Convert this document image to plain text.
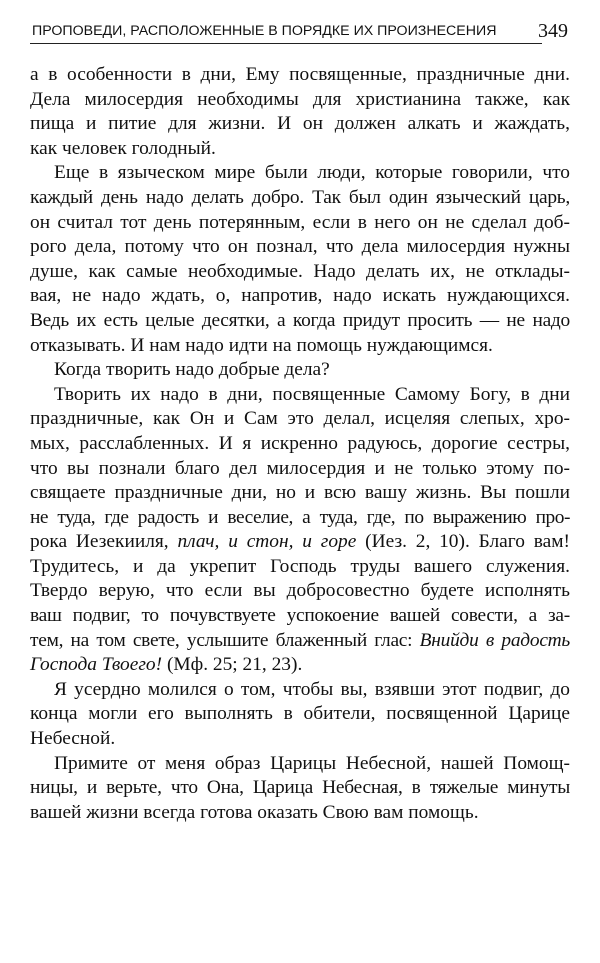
ПРОПОВЕДИ, РАСПОЛОЖЕННЫЕ В ПОРЯДКЕ ИХ ПРОИЗНЕСЕНИЯ 349
а в особенности в дни, Ему посвященные, праздничные дни.
Дела милосердия необходимы для христианина также, как
пища и питие для жизни. И он должен алкать и жаждать,
как человек голодный.
Еще в языческом мире были люди, которые говорили, что
каждый день надо делать добро. Так был один языческий царь,
он считал тот день потерянным, если в него он не сделал доб-
рого дела, потому что он познал, что дела милосердия нужны
душе, как самые необходимые. Надо делать их, не отклады-
вая, не надо ждать, о, напротив, надо искать нуждающихся.
Ведь их есть целые десятки, а когда придут просить — не надо
отказывать. И нам надо идти на помощь нуждающимся.
Когда творить надо добрые дела?
Творить их надо в дни, посвященные Самому Богу, в дни
праздничные, как Он и Сам это делал, исцеляя слепых, хро-
мых, расслабленных. И я искренно радуюсь, дорогие сестры,
что вы познали благо дел милосердия и не только этому по-
свящаете праздничные дни, но и всю вашу жизнь. Вы пошли
не туда, где радость и веселие, а туда, где, по выражению про-
рока Иезекииля, плач, и стон, и горе (Иез. 2, 10). Благо вам!
Трудитесь, и да укрепит Господь труды вашего служения.
Твердо верую, что если вы добросовестно будете исполнять
ваш подвиг, то почувствуете успокоение вашей совести, а за-
тем, на том свете, услышите блаженный глас: Внийди в радость
Господа Твоего! (Мф. 25; 21, 23).
Я усердно молился о том, чтобы вы, взявши этот подвиг, до
конца могли его выполнять в обители, посвященной Царице
Небесной.
Примите от меня образ Царицы Небесной, нашей Помощ-
ницы, и верьте, что Она, Царица Небесная, в тяжелые минуты
вашей жизни всегда готова оказать Свою вам помощь.
